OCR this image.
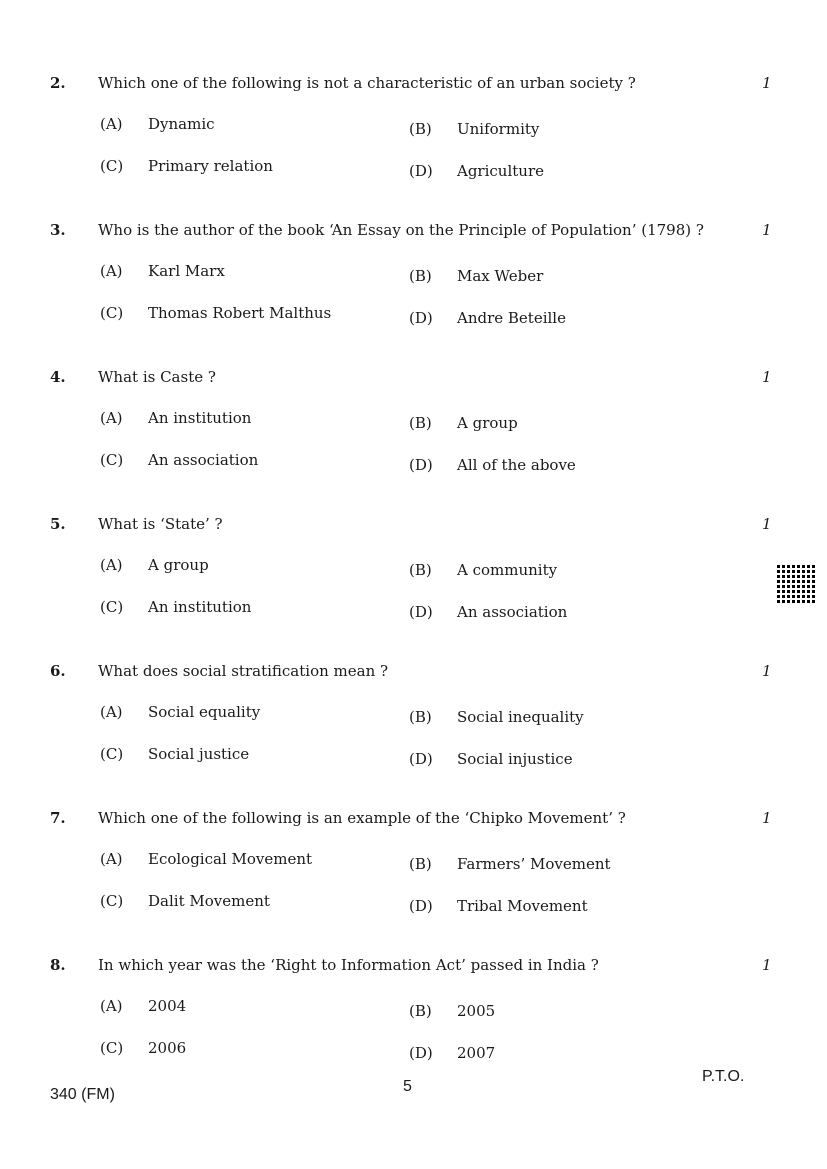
2. Which one of the following is not a characteristic of an urban society ?	1
(A) Dynamic	(B) Uniformity
(C) Primary relation	(D) Agriculture
3. Who is the author of the book ‘An Essay on the Principle of Population’ (1798) ?	1
(A) Karl Marx	(B) Max Weber
(C) Thomas Robert Malthus	(D) Andre Beteille
4. What is Caste ?	1
(A) An institution	(B) A group
(C) An association	(D) All of the above
5. What is ‘State’ ?	1
(A) A group	(B) A community
(C) An institution	(D) An association
6. What does social stratification mean ?	1
(A) Social equality	(B) Social inequality
(C) Social justice	(D) Social injustice
7. Which one of the following is an example of the ‘Chipko Movement’ ?	1
(A) Ecological Movement	(B) Farmers’ Movement
(C) Dalit Movement	(D) Tribal Movement
8. In which year was the ‘Right to Information Act’ passed in India ?	1
(A) 2004	(B) 2005
(C) 2006	(D) 2007
340 (FM)	5
P.T.O.
